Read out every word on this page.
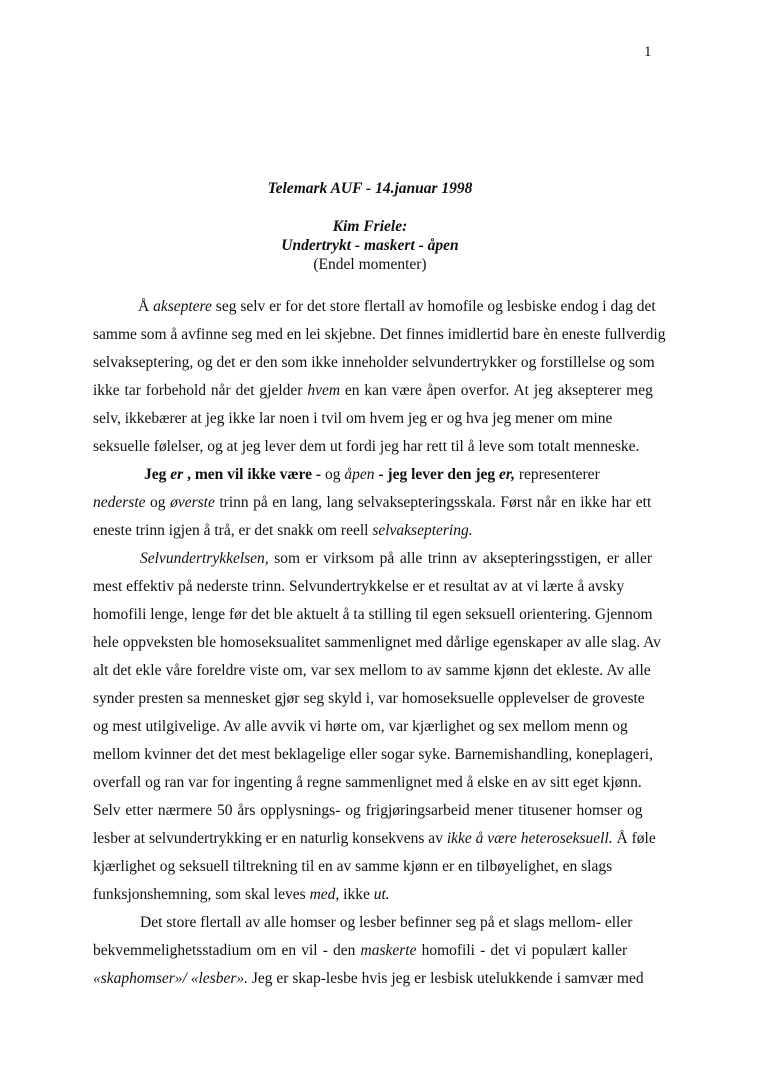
1
Telemark AUF - 14.januar 1998
Kim Friele:
Undertrykt - maskert - åpen
(Endel momenter)
Å akseptere seg selv er for det store flertall av homofile og lesbiske endog i dag det
samme som å avfinne seg med en lei skjebne. Det finnes imidlertid bare èn eneste fullverdig
selvakseptering, og det er den som ikke inneholder selvundertrykker og forstillelse og som
ikke tar forbehold når det gjelder hvem en kan være åpen overfor. At jeg aksepterer meg
selv, ikkebærer at jeg ikke lar noen i tvil om hvem jeg er og hva jeg mener om mine
seksuelle følelser, og at jeg lever dem ut fordi jeg har rett til å leve som totalt menneske.
Jeg er , men vil ikke være - og åpen - jeg lever den jeg er, representerer
nederste og øverste trinn på en lang, lang selvaksepteringsskala. Først når en ikke har ett
eneste trinn igjen å trå, er det snakk om reell selvakseptering.
Selvundertrykkelsen, som er virksom på alle trinn av aksepteringsstigen, er aller
mest effektiv på nederste trinn. Selvundertrykkelse er et resultat av at vi lærte å avsky
homofili lenge, lenge før det ble aktuelt å ta stilling til egen seksuell orientering. Gjennom
hele oppveksten ble homoseksualitet sammenlignet med dårlige egenskaper av alle slag. Av
alt det ekle våre foreldre viste om, var sex mellom to av samme kjønn det ekleste. Av alle
synder presten sa mennesket gjør seg skyld i, var homoseksuelle opplevelser de groveste
og mest utilgivelige. Av alle avvik vi hørte om, var kjærlighet og sex mellom menn og
mellom kvinner det det mest beklagelige eller sogar syke. Barnemishandling, koneplageri,
overfall og ran var for ingenting å regne sammenlignet med å elske en av sitt eget kjønn.
Selv etter nærmere 50 års opplysnings- og frigjøringsarbeid mener titusener homser og
lesber at selvundertrykking er en naturlig konsekvens av ikke å være heteroseksuell. Å føle
kjærlighet og seksuell tiltrekning til en av samme kjønn er en tilbøyelighet, en slags
funksjonshemning, som skal leves med, ikke ut.
Det store flertall av alle homser og lesber befinner seg på et slags mellom- eller
bekvemmelighetsstadium om en vil - den maskerte homofili - det vi populært kaller
«skaphomser»/ «lesber». Jeg er skap-lesbe hvis jeg er lesbisk utelukkende i samvær med
